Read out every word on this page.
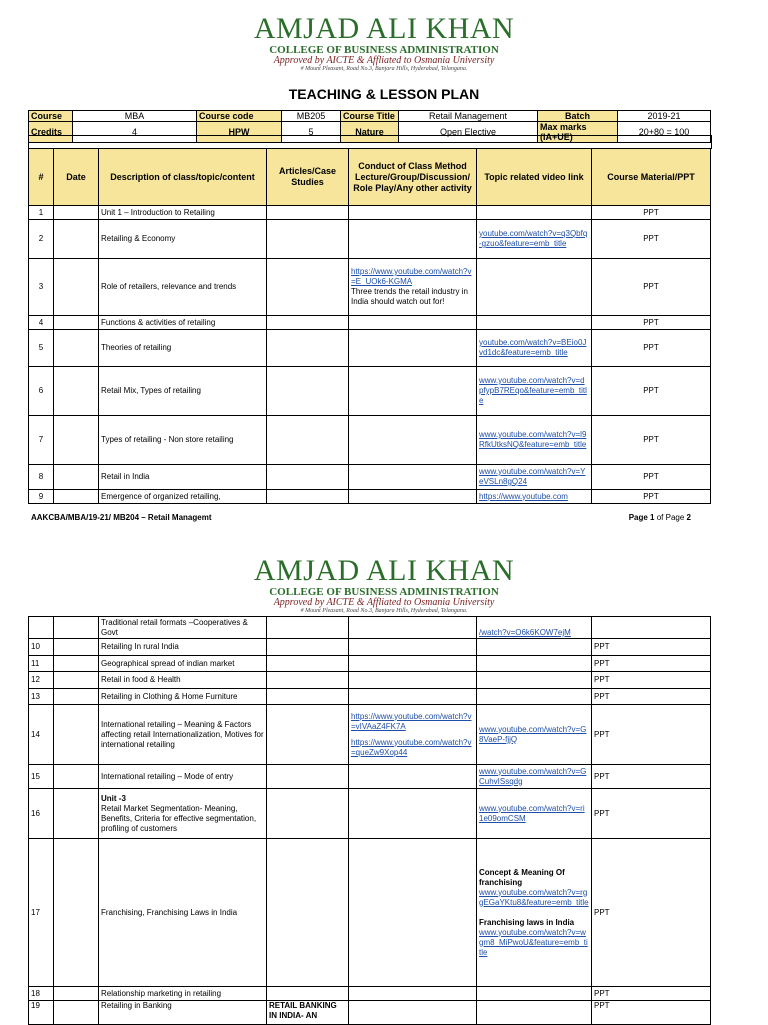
AMJAD ALI KHAN
COLLEGE OF BUSINESS ADMINISTRATION
Approved by AICTE & Affliated to Osmania University
# Mount Pleasant, Road No.3, Banjara Hills, Hyderabad, Telangana.
TEACHING & LESSON PLAN
Course	MBA	Course code	MB205	Course Title	Retail Management	Batch	2019-21
Credits	4	HPW	5	Nature	Open Elective	Max marks (IA+UE)	20+80 = 100
#	Date	Description of class/topic/content	Articles/Case Studies	Conduct of Class Method Lecture/Group/Discussion/ Role Play/Any other activity	Topic related video link	Course Material/PPT
1		Unit 1 – Introduction to Retailing				PPT
2		Retailing & Economy			youtube.com/watch?v=q3Qbfq-gzuo&feature=emb_title	PPT
3		Role of retailers, relevance and trends		https://www.youtube.com/watch?v=E_UOk6-KGMA
Three trends the retail industry in India should watch out for!		PPT
4		Functions & activities of retailing				PPT
5		Theories of retailing			youtube.com/watch?v=BEio0Jvd1dc&feature=emb_title	PPT
6		Retail Mix, Types of retailing			www.youtube.com/watch?v=dpfypB7REqo&feature=emb_title	PPT
7		Types of retailing - Non store retailing			www.youtube.com/watch?v=l9RfkUtksNQ&feature=emb_title	PPT
8		Retail in India			www.youtube.com/watch?v=YeVSLn8gQ24	PPT
9		Emergence of organized retailing,			https://www.youtube.com	PPT
AAKCBA/MBA/19-21/ MB204 – Retail Managemt	Page 1 of Page 2
AMJAD ALI KHAN
COLLEGE OF BUSINESS ADMINISTRATION
Approved by AICTE & Affliated to Osmania University
# Mount Pleasant, Road No.3, Banjara Hills, Hyderabad, Telangana.
		Traditional retail formats –Cooperatives & Govt			/watch?v=O6k6KOW7ejM	
10		Retailing In rural India				PPT
11		Geographical spread of indian market				PPT
12		Retail in food & Health				PPT
13		Retailing in Clothing & Home Furniture				PPT
14		International retailing – Meaning & Factors affecting retail Internationalization, Motives for international retailing		https://www.youtube.com/watch?v=vIVAaZ4FK7A
https://www.youtube.com/watch?v=queZw9Xop44	www.youtube.com/watch?v=G8VaeP-fjjQ	PPT
15		International retailing – Mode of entry			www.youtube.com/watch?v=GCuhvISsqdg	PPT
16		Unit -3
Retail Market Segmentation- Meaning, Benefits, Criteria for effective segmentation, profiling of customers			www.youtube.com/watch?v=ri1e09omCSM	PPT
17		Franchising, Franchising Laws in India			Concept & Meaning Of franchising
www.youtube.com/watch?v=rggEGaYKtu8&feature=emb_title
Franchising laws in India
www.youtube.com/watch?v=wgm8_MiPwoU&feature=emb_title	PPT
18		Relationship marketing in retailing				PPT
19		Retailing in Banking	RETAIL BANKING IN INDIA- AN			PPT
